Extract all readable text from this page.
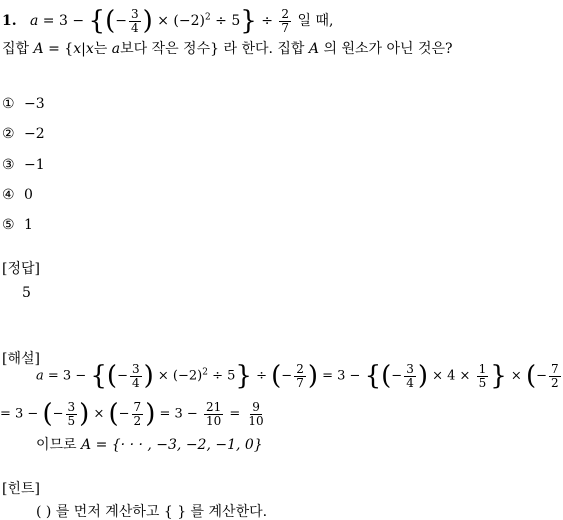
1. a = 3 − {(− $\frac{3}{4}$ ) × $(-2)^2 \div 5\} \div \frac{2}{7}$ 일 때,
집합 A = {x|x는 a보다 작은 정수} 라 한다. 집합 A 의 원소가 아닌 것은?
① −3
② −2
③ −1
④ 0
⑤ 1
[정답]
5
[해설]
a = 3 − {(− $\frac{3}{4}$ ) × $(-2)^2 \div 5$} ÷ (− $\frac{2}{7}$ ) = 3 − {(− $\frac{3}{4}$ ) × $4 \times \frac{1}{5}$ } × (− $\frac{7}{2}$
= 3 − (− $\frac{3}{5}$ ) × (− $\frac{7}{2}$ ) = $3 - \frac{21}{10} = \frac{9}{10}$
이므로 A = {· · · , −3, −2, −1, 0}
[힌트]
( ) 를 먼저 계산하고 { } 를 계산한다.
